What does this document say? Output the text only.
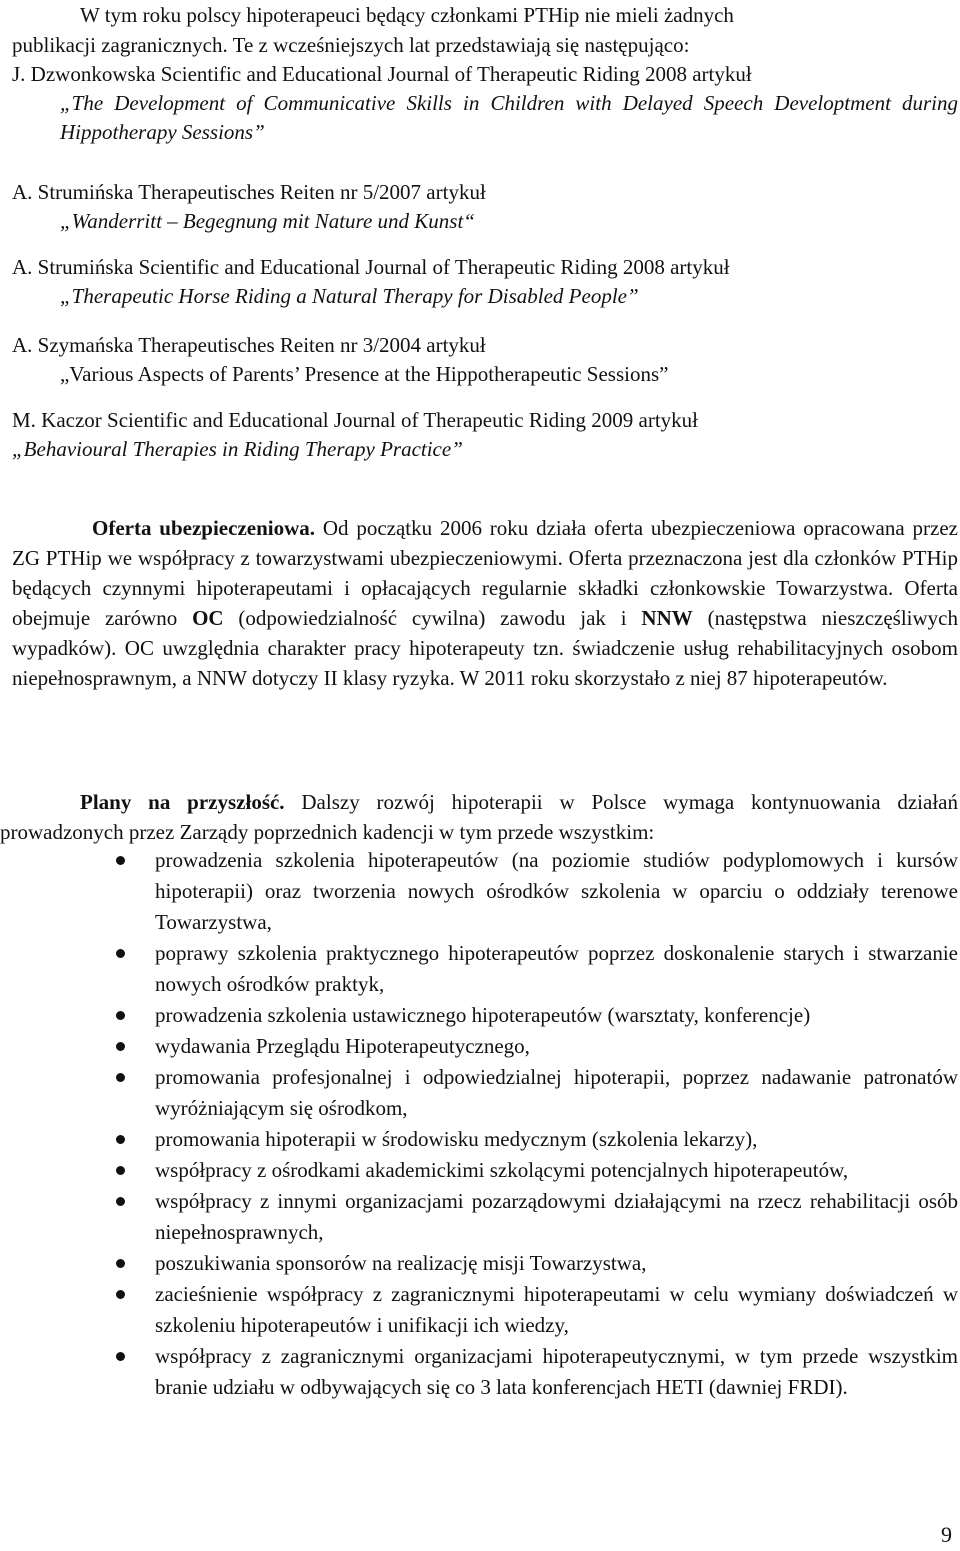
W tym roku polscy hipoterapeuci będący członkami PTHip nie mieli żadnych
publikacji zagranicznych. Te z wcześniejszych lat przedstawiają się następująco:
J. Dzwonkowska Scientific and Educational Journal of Therapeutic Riding 2008 artykuł
„The Development of Communicative Skills in Children with Delayed Speech Developtment during Hippotherapy Sessions”
A. Strumińska Therapeutisches Reiten nr 5/2007 artykuł
„Wanderritt – Begegnung mit Nature und Kunst“
A. Strumińska Scientific and Educational Journal of Therapeutic Riding 2008 artykuł
„Therapeutic Horse Riding a Natural Therapy for Disabled People”
A. Szymańska Therapeutisches Reiten nr 3/2004 artykuł
„Various Aspects of Parents’ Presence at the Hippotherapeutic Sessions”
M. Kaczor Scientific and Educational Journal of Therapeutic Riding 2009 artykuł
„Behavioural Therapies in Riding Therapy Practice”
Oferta ubezpieczeniowa. Od początku 2006 roku działa oferta ubezpieczeniowa opracowana przez ZG PTHip we współpracy z towarzystwami ubezpieczeniowymi. Oferta przeznaczona jest dla członków PTHip będących czynnymi hipoterapeutami i opłacających regularnie składki członkowskie Towarzystwa. Oferta obejmuje zarówno OC (odpowiedzialność cywilna) zawodu jak i NNW (następstwa nieszczęśliwych wypadków). OC uwzględnia charakter pracy hipoterapeuty tzn. świadczenie usług rehabilitacyjnych osobom niepełnosprawnym, a NNW dotyczy II klasy ryzyka. W 2011 roku skorzystało z niej 87 hipoterapeutów.
Plany na przyszłość. Dalszy rozwój hipoterapii w Polsce wymaga kontynuowania działań prowadzonych przez Zarządy poprzednich kadencji w tym przede wszystkim:
prowadzenia szkolenia hipoterapeutów (na poziomie studiów podyplomowych i kursów hipoterapii) oraz tworzenia nowych ośrodków szkolenia w oparciu o oddziały terenowe Towarzystwa,
poprawy szkolenia praktycznego hipoterapeutów poprzez doskonalenie starych i stwarzanie nowych ośrodków praktyk,
prowadzenia szkolenia ustawicznego hipoterapeutów (warsztaty, konferencje)
wydawania Przeglądu Hipoterapeutycznego,
promowania profesjonalnej i odpowiedzialnej hipoterapii, poprzez nadawanie patronatów wyróżniającym się ośrodkom,
promowania hipoterapii w środowisku medycznym (szkolenia lekarzy),
współpracy z ośrodkami akademickimi szkolącymi potencjalnych hipoterapeutów,
współpracy z innymi organizacjami pozarządowymi działającymi na rzecz rehabilitacji osób niepełnosprawnych,
poszukiwania sponsorów na realizację misji Towarzystwa,
zacieśnienie współpracy z zagranicznymi hipoterapeutami w celu wymiany doświadczeń w szkoleniu hipoterapeutów i unifikacji ich wiedzy,
współpracy z zagranicznymi organizacjami hipoterapeutycznymi, w tym przede wszystkim branie udziału w odbywających się co 3 lata konferencjach HETI (dawniej FRDI).
9
